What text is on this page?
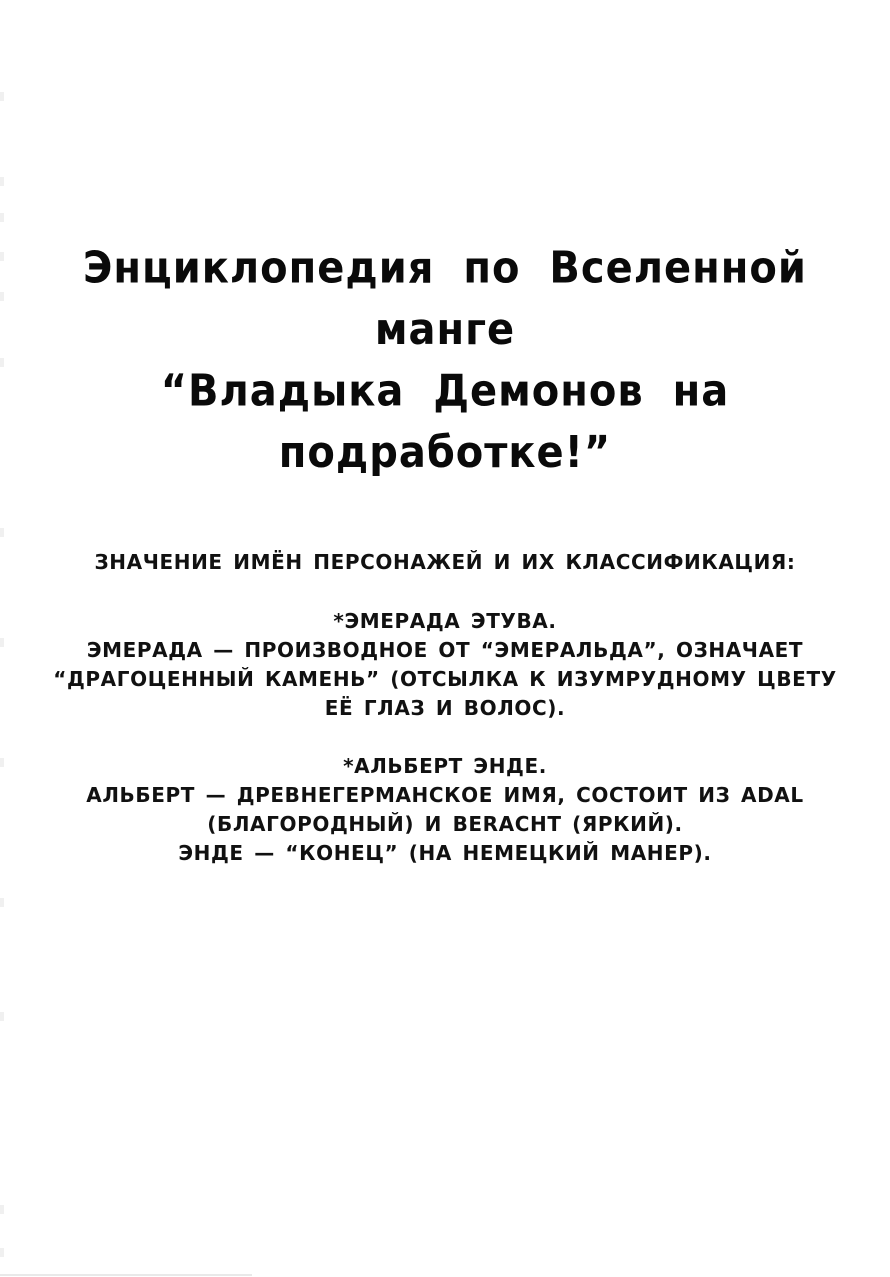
Энциклопедия по Вселенной манге
“Владыка Демонов на подработке!”
ЗНАЧЕНИЕ ИМЁН ПЕРСОНАЖЕЙ И ИХ КЛАССИФИКАЦИЯ:
*ЭМЕРАДА ЭТУВА.
ЭМЕРАДА — ПРОИЗВОДНОЕ ОТ “ЭМЕРАЛЬДА”, ОЗНАЧАЕТ
“ДРАГОЦЕННЫЙ КАМЕНЬ” (ОТСЫЛКА К ИЗУМРУДНОМУ ЦВЕТУ
ЕЁ ГЛАЗ И ВОЛОС).
*АЛЬБЕРТ ЭНДЕ.
АЛЬБЕРТ — ДРЕВНЕГЕРМАНСКОЕ ИМЯ, СОСТОИТ ИЗ ADAL
(БЛАГОРОДНЫЙ) И BERACHT (ЯРКИЙ).
ЭНДЕ — “КОНЕЦ” (НА НЕМЕЦКИЙ МАНЕР).
